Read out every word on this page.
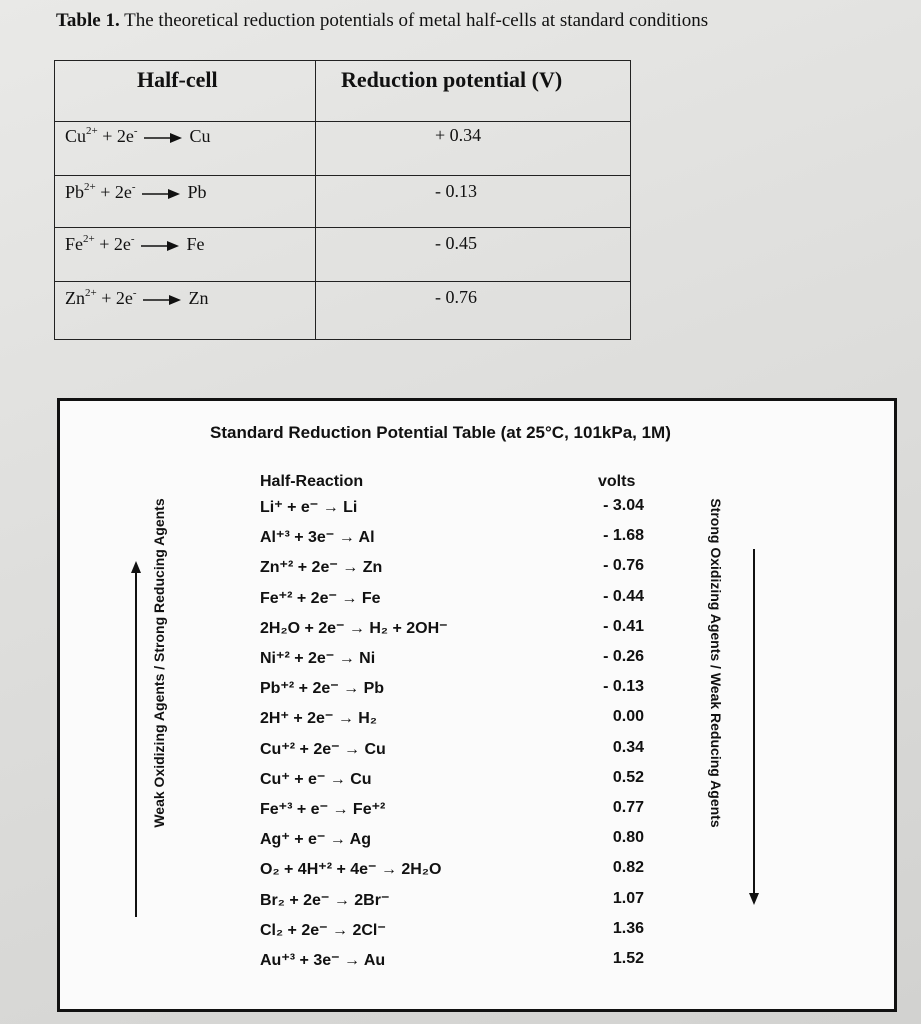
Table 1. The theoretical reduction potentials of metal half-cells at standard conditions
Half-cell	Reduction potential (V)
$Cu^{2+} + 2e^- \to Cu$	+ 0.34
$Pb^{2+} + 2e^- \to Pb$	- 0.13
$Fe^{2+} + 2e^- \to Fe$	- 0.45
$Zn^{2+} + 2e^- \to Zn$	- 0.76
Standard Reduction Potential Table (at 25°C, 101kPa, 1M)
Half-Reaction	volts
Weak Oxidizing Agents / Strong Reducing Agents	Strong Oxidizing Agents / Weak Reducing Agents
Li⁺ + e⁻ → Li	- 3.04
Al⁺³ + 3e⁻ → Al	- 1.68
Zn⁺² + 2e⁻ → Zn	- 0.76
Fe⁺² + 2e⁻ → Fe	- 0.44
2H₂O + 2e⁻ → H₂ + 2OH⁻	- 0.41
Ni⁺² + 2e⁻ → Ni	- 0.26
Pb⁺² + 2e⁻ → Pb	- 0.13
2H⁺ + 2e⁻ → H₂	0.00
Cu⁺² + 2e⁻ → Cu	0.34
Cu⁺ + e⁻ → Cu	0.52
Fe⁺³ + e⁻ → Fe⁺²	0.77
Ag⁺ + e⁻ → Ag	0.80
O₂ + 4H⁺² + 4e⁻ → 2H₂O	0.82
Br₂ + 2e⁻ → 2Br⁻	1.07
Cl₂ + 2e⁻ → 2Cl⁻	1.36
Au⁺³ + 3e⁻ → Au	1.52
